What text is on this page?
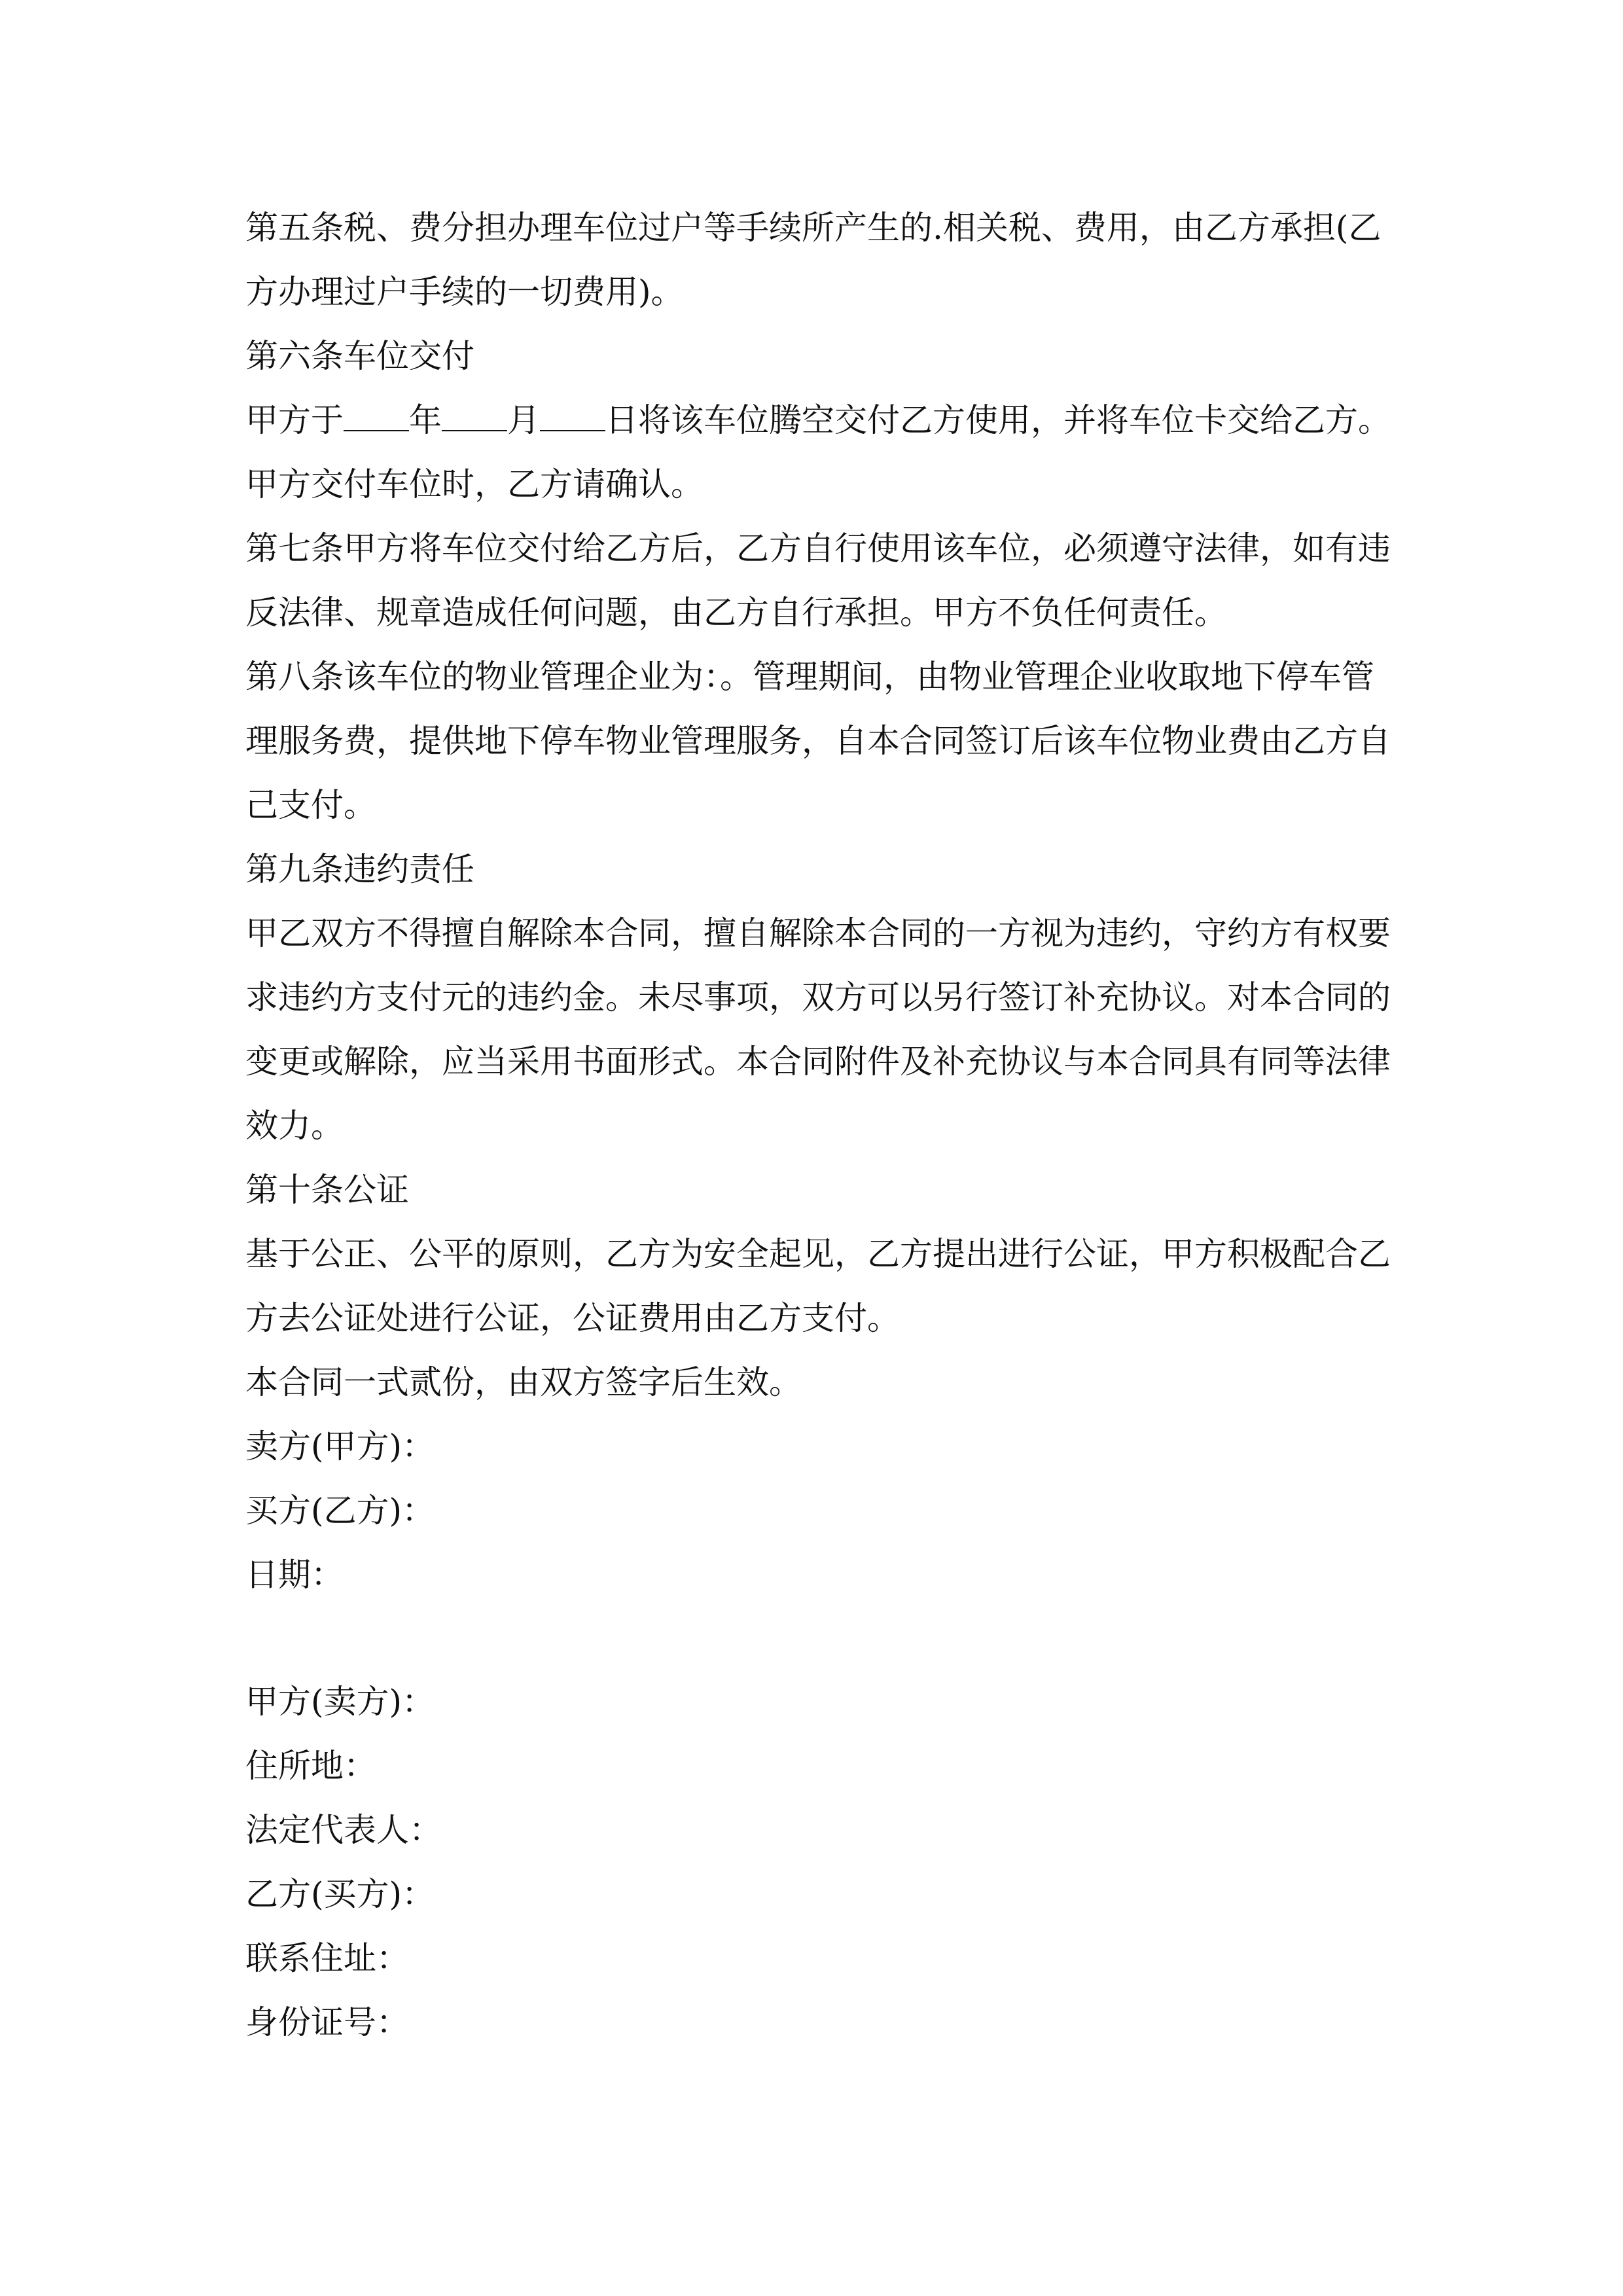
第五条税、费分担办理车位过户等手续所产生的.相关税、费用，由乙方承担(乙
方办理过户手续的一切费用)。
第六条车位交付
甲方于 年 月 日将该车位腾空交付乙方使用，并将车位卡交给乙方。
甲方交付车位时，乙方请确认。
第七条甲方将车位交付给乙方后，乙方自行使用该车位，必须遵守法律，如有违
反法律、规章造成任何问题，由乙方自行承担。甲方不负任何责任。
第八条该车位的物业管理企业为：。管理期间，由物业管理企业收取地下停车管
理服务费，提供地下停车物业管理服务，自本合同签订后该车位物业费由乙方自
己支付。
第九条违约责任
甲乙双方不得擅自解除本合同，擅自解除本合同的一方视为违约，守约方有权要
求违约方支付元的违约金。未尽事项，双方可以另行签订补充协议。对本合同的
变更或解除，应当采用书面形式。本合同附件及补充协议与本合同具有同等法律
效力。
第十条公证
基于公正、公平的原则，乙方为安全起见，乙方提出进行公证，甲方积极配合乙
方去公证处进行公证，公证费用由乙方支付。
本合同一式贰份，由双方签字后生效。
卖方(甲方)：
买方(乙方)：
日期：
甲方(卖方)：
住所地：
法定代表人：
乙方(买方)：
联系住址：
身份证号：
